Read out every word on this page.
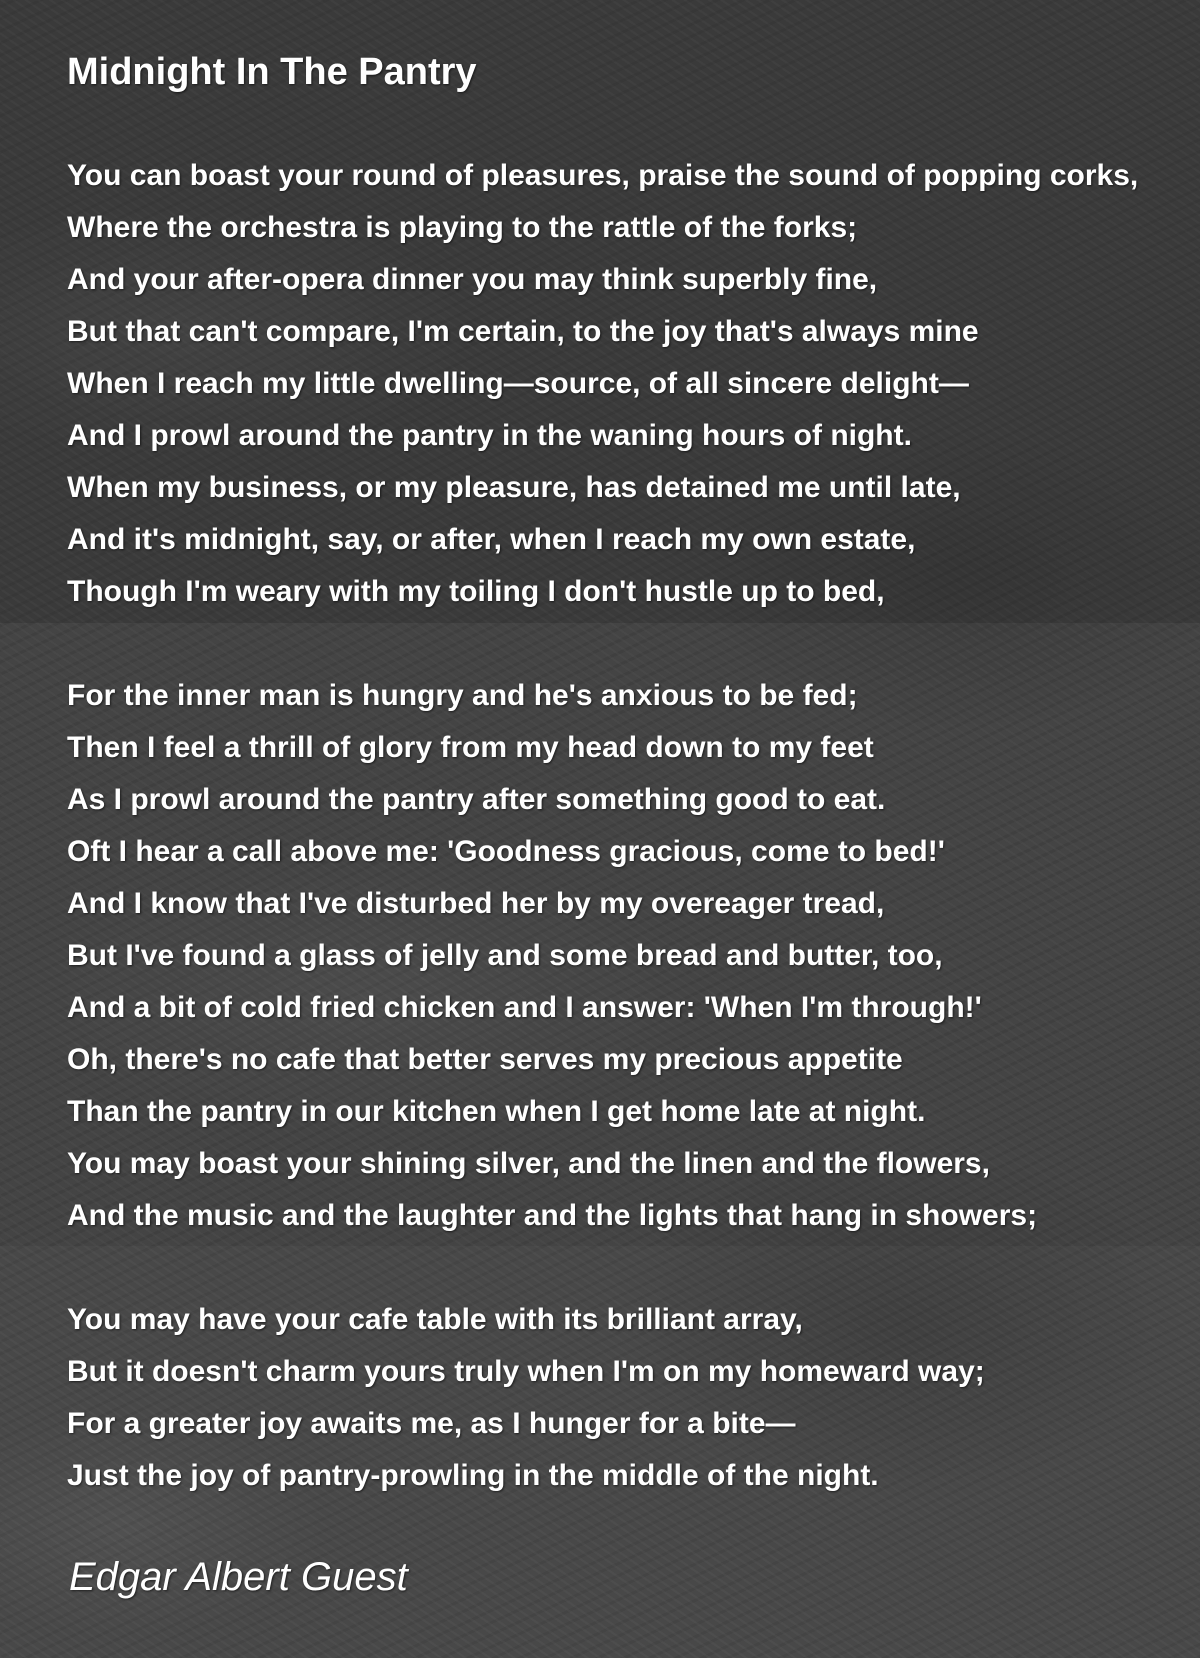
Midnight In The Pantry
You can boast your round of pleasures, praise the sound of popping corks,
Where the orchestra is playing to the rattle of the forks;
And your after-opera dinner you may think superbly fine,
But that can't compare, I'm certain, to the joy that's always mine
When I reach my little dwelling—source, of all sincere delight—
And I prowl around the pantry in the waning hours of night.
When my business, or my pleasure, has detained me until late,
And it's midnight, say, or after, when I reach my own estate,
Though I'm weary with my toiling I don't hustle up to bed,
For the inner man is hungry and he's anxious to be fed;
Then I feel a thrill of glory from my head down to my feet
As I prowl around the pantry after something good to eat.
Oft I hear a call above me: 'Goodness gracious, come to bed!'
And I know that I've disturbed her by my overeager tread,
But I've found a glass of jelly and some bread and butter, too,
And a bit of cold fried chicken and I answer: 'When I'm through!'
Oh, there's no cafe that better serves my precious appetite
Than the pantry in our kitchen when I get home late at night.
You may boast your shining silver, and the linen and the flowers,
And the music and the laughter and the lights that hang in showers;
You may have your cafe table with its brilliant array,
But it doesn't charm yours truly when I'm on my homeward way;
For a greater joy awaits me, as I hunger for a bite—
Just the joy of pantry-prowling in the middle of the night.

Edgar Albert Guest
